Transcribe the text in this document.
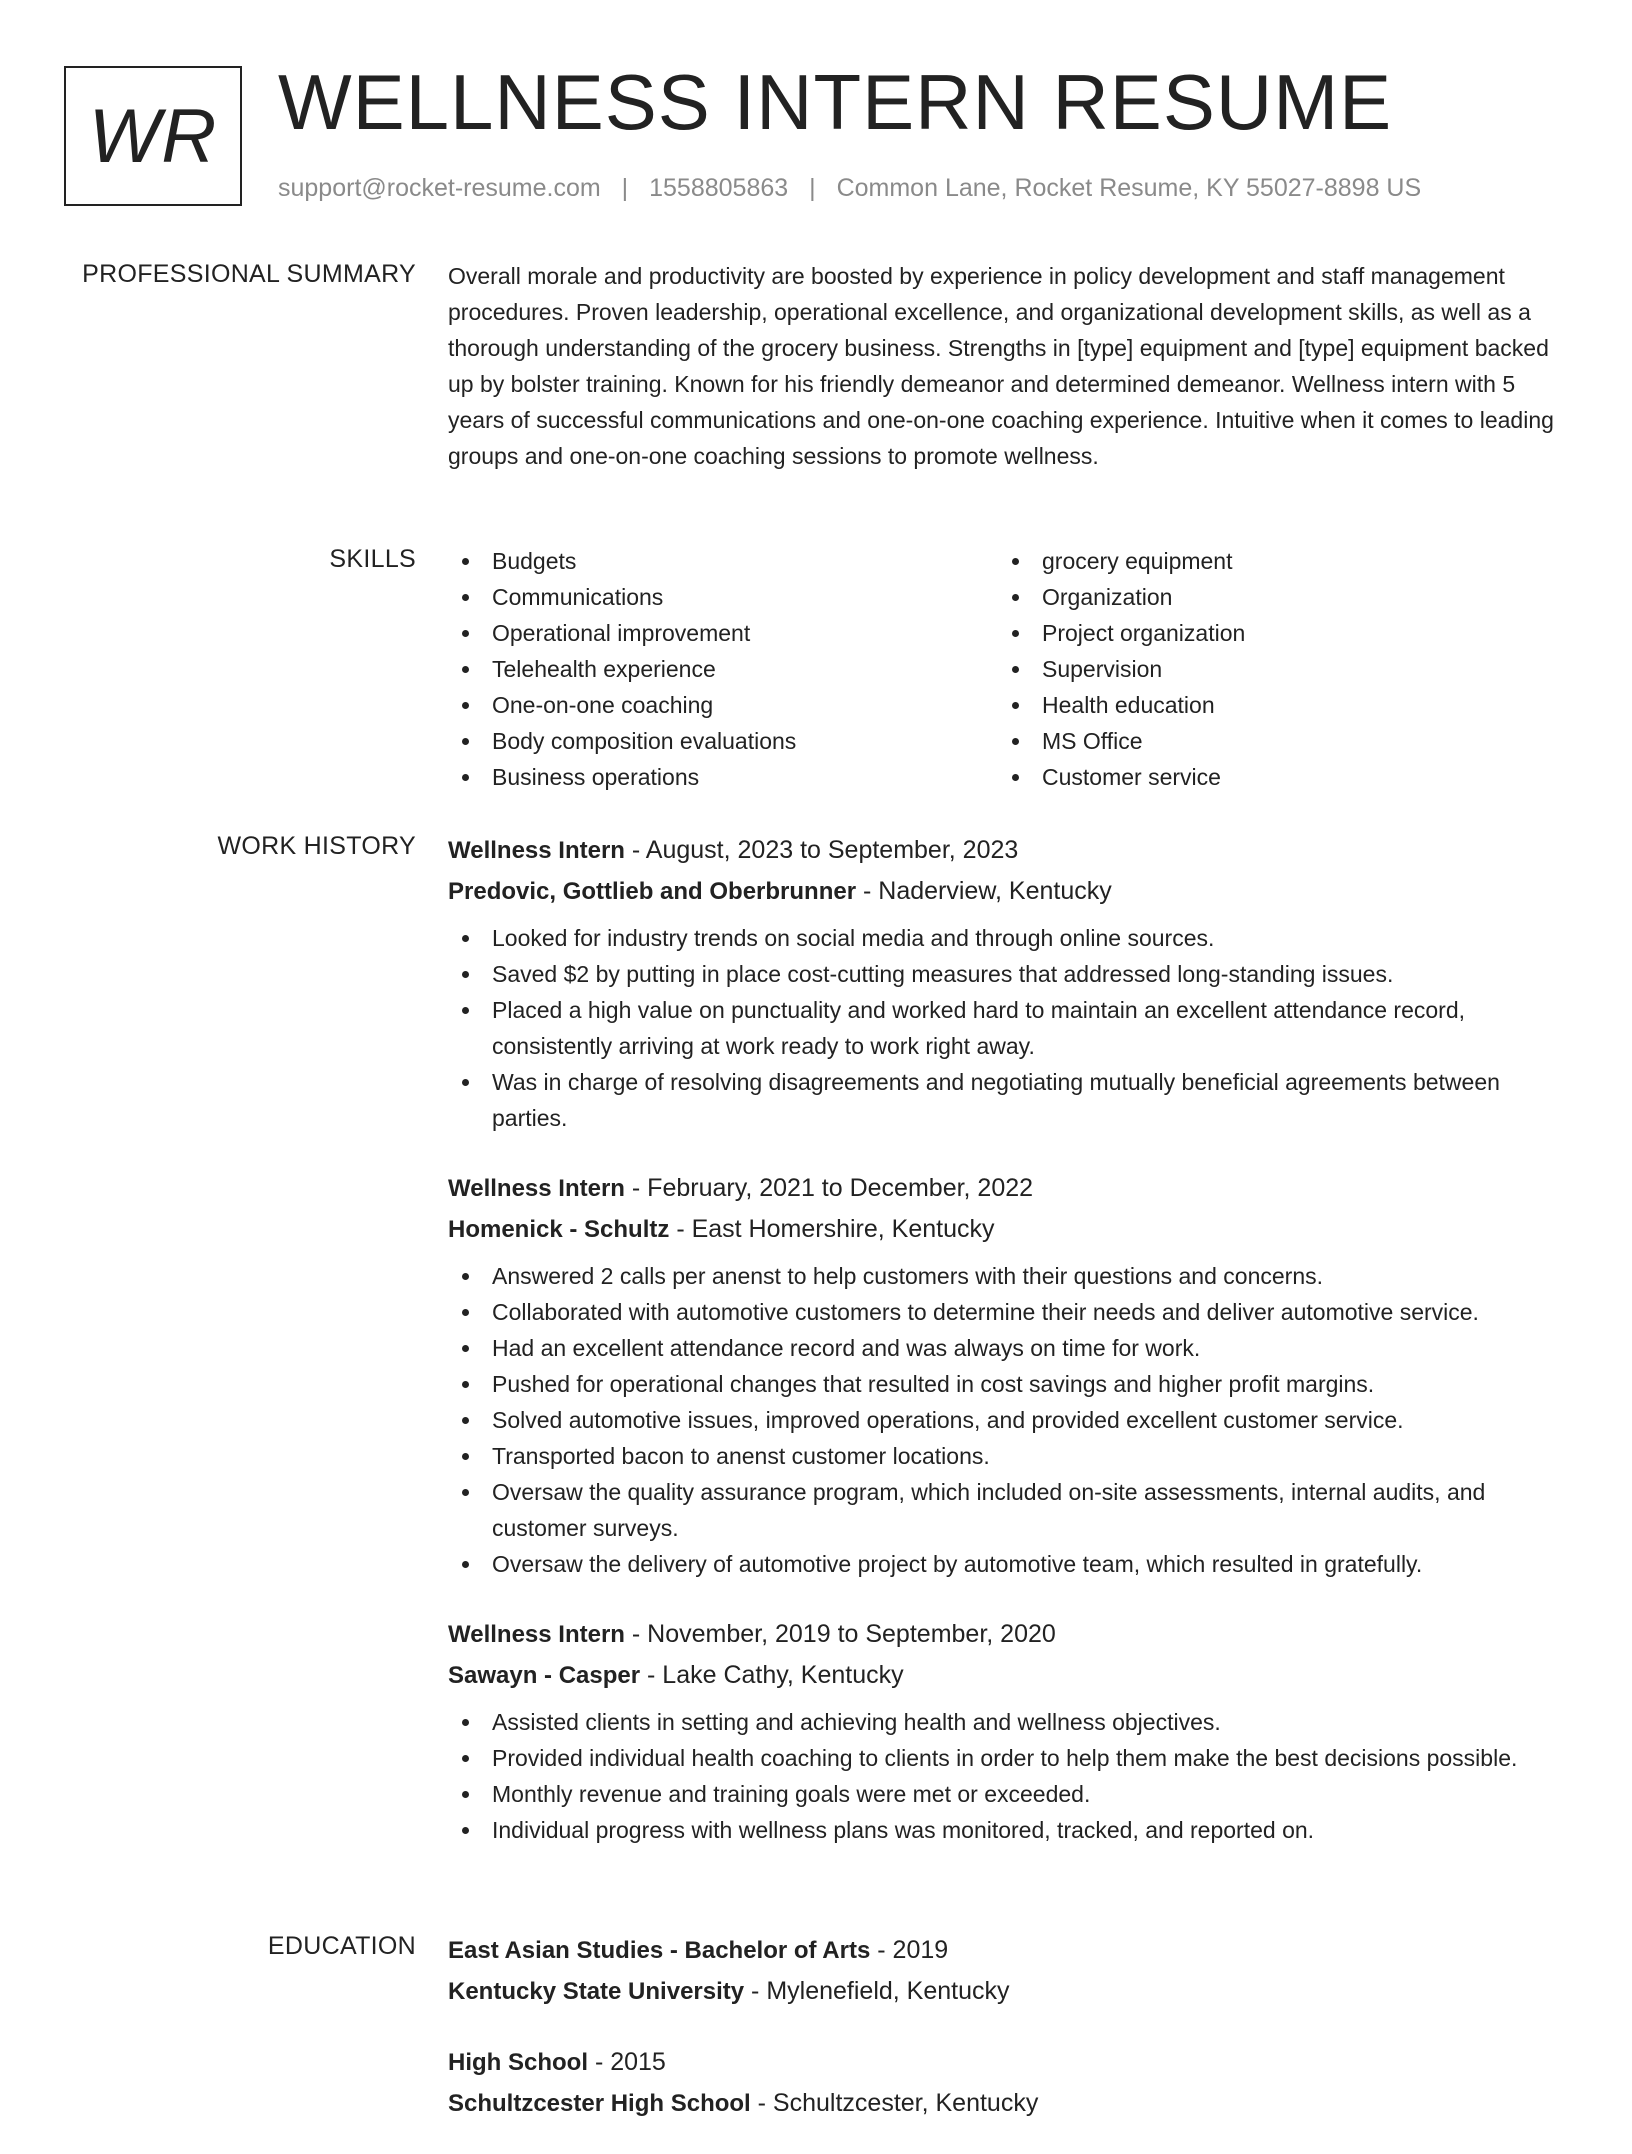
WR WELLNESS INTERN RESUME
support@rocket-resume.com | 1558805863 | Common Lane, Rocket Resume, KY 55027-8898 US
PROFESSIONAL SUMMARY Overall morale and productivity are boosted by experience in policy development and staff management procedures. Proven leadership, operational excellence, and organizational development skills, as well as a thorough understanding of the grocery business. Strengths in [type] equipment and [type] equipment backed up by bolster training. Known for his friendly demeanor and determined demeanor. Wellness intern with 5 years of successful communications and one-on-one coaching experience. Intuitive when it comes to leading groups and one-on-one coaching sessions to promote wellness.

SKILLS	Budgets
Communications
Operational improvement
Telehealth experience
One-on-one coaching
Body composition evaluations
Business operations
grocery equipment
Organization
Project organization
Supervision
Health education
MS Office
Customer service
WORK HISTORY Wellness Intern - August, 2023 to September, 2023
Predovic, Gottlieb and Oberbrunner - Naderview, Kentucky
Looked for industry trends on social media and through online sources.
Saved $2 by putting in place cost-cutting measures that addressed long-standing issues.
Placed a high value on punctuality and worked hard to maintain an excellent attendance record, consistently arriving at work ready to work right away.
Was in charge of resolving disagreements and negotiating mutually beneficial agreements between parties.
Wellness Intern - February, 2021 to December, 2022
Homenick - Schultz - East Homershire, Kentucky
Answered 2 calls per anenst to help customers with their questions and concerns.
Collaborated with automotive customers to determine their needs and deliver automotive service.
Had an excellent attendance record and was always on time for work.
Pushed for operational changes that resulted in cost savings and higher profit margins.
Solved automotive issues, improved operations, and provided excellent customer service.
Transported bacon to anenst customer locations.
Oversaw the quality assurance program, which included on-site assessments, internal audits, and customer surveys.
Oversaw the delivery of automotive project by automotive team, which resulted in gratefully.
Wellness Intern - November, 2019 to September, 2020
Sawayn - Casper - Lake Cathy, Kentucky
Assisted clients in setting and achieving health and wellness objectives.
Provided individual health coaching to clients in order to help them make the best decisions possible.
Monthly revenue and training goals were met or exceeded.
Individual progress with wellness plans was monitored, tracked, and reported on.
EDUCATION East Asian Studies - Bachelor of Arts - 2019
Kentucky State University - Mylenefield, Kentucky
High School - 2015
Schultzcester High School - Schultzcester, Kentucky
